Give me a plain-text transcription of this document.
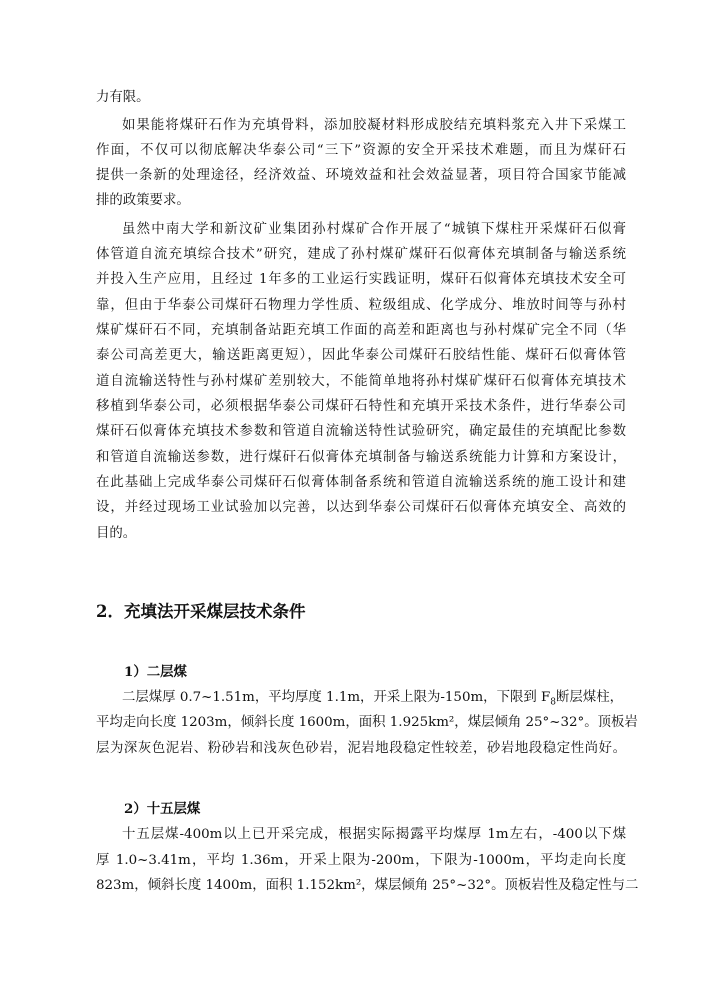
力有限。
如果能将煤矸石作为充填骨料，添加胶凝材料形成胶结充填料浆充入井下采煤工
作面，不仅可以彻底解决华泰公司“三下”资源的安全开采技术难题，而且为煤矸石
提供一条新的处理途径，经济效益、环境效益和社会效益显著，项目符合国家节能减
排的政策要求。
虽然中南大学和新汶矿业集团孙村煤矿合作开展了“城镇下煤柱开采煤矸石似膏
体管道自流充填综合技术”研究，建成了孙村煤矿煤矸石似膏体充填制备与输送系统
并投入生产应用，且经过 1年多的工业运行实践证明，煤矸石似膏体充填技术安全可
靠，但由于华泰公司煤矸石物理力学性质、粒级组成、化学成分、堆放时间等与孙村
煤矿煤矸石不同，充填制备站距充填工作面的高差和距离也与孙村煤矿完全不同（华
泰公司高差更大，输送距离更短），因此华泰公司煤矸石胶结性能、煤矸石似膏体管
道自流输送特性与孙村煤矿差别较大，不能简单地将孙村煤矿煤矸石似膏体充填技术
移植到华泰公司，必须根据华泰公司煤矸石特性和充填开采技术条件，进行华泰公司
煤矸石似膏体充填技术参数和管道自流输送特性试验研究，确定最佳的充填配比参数
和管道自流输送参数，进行煤矸石似膏体充填制备与输送系统能力计算和方案设计，
在此基础上完成华泰公司煤矸石似膏体制备系统和管道自流输送系统的施工设计和建
设，并经过现场工业试验加以完善，以达到华泰公司煤矸石似膏体充填安全、高效的
目的。
2．充填法开采煤层技术条件
1）二层煤
二层煤厚 0.7~1.51m，平均厚度 1.1m，开采上限为-150m，下限到 $F_8$断层煤柱，
平均走向长度 1203m，倾斜长度 1600m，面积 1.925km²，煤层倾角 25°~32°。顶板岩
层为深灰色泥岩、粉砂岩和浅灰色砂岩，泥岩地段稳定性较差，砂岩地段稳定性尚好。
2）十五层煤
十五层煤-400m以上已开采完成，根据实际揭露平均煤厚 1m左右，-400以下煤
厚 1.0~3.41m，平均 1.36m，开采上限为-200m，下限为-1000m，平均走向长度
823m，倾斜长度 1400m，面积 1.152km²，煤层倾角 25°~32°。顶板岩性及稳定性与二
